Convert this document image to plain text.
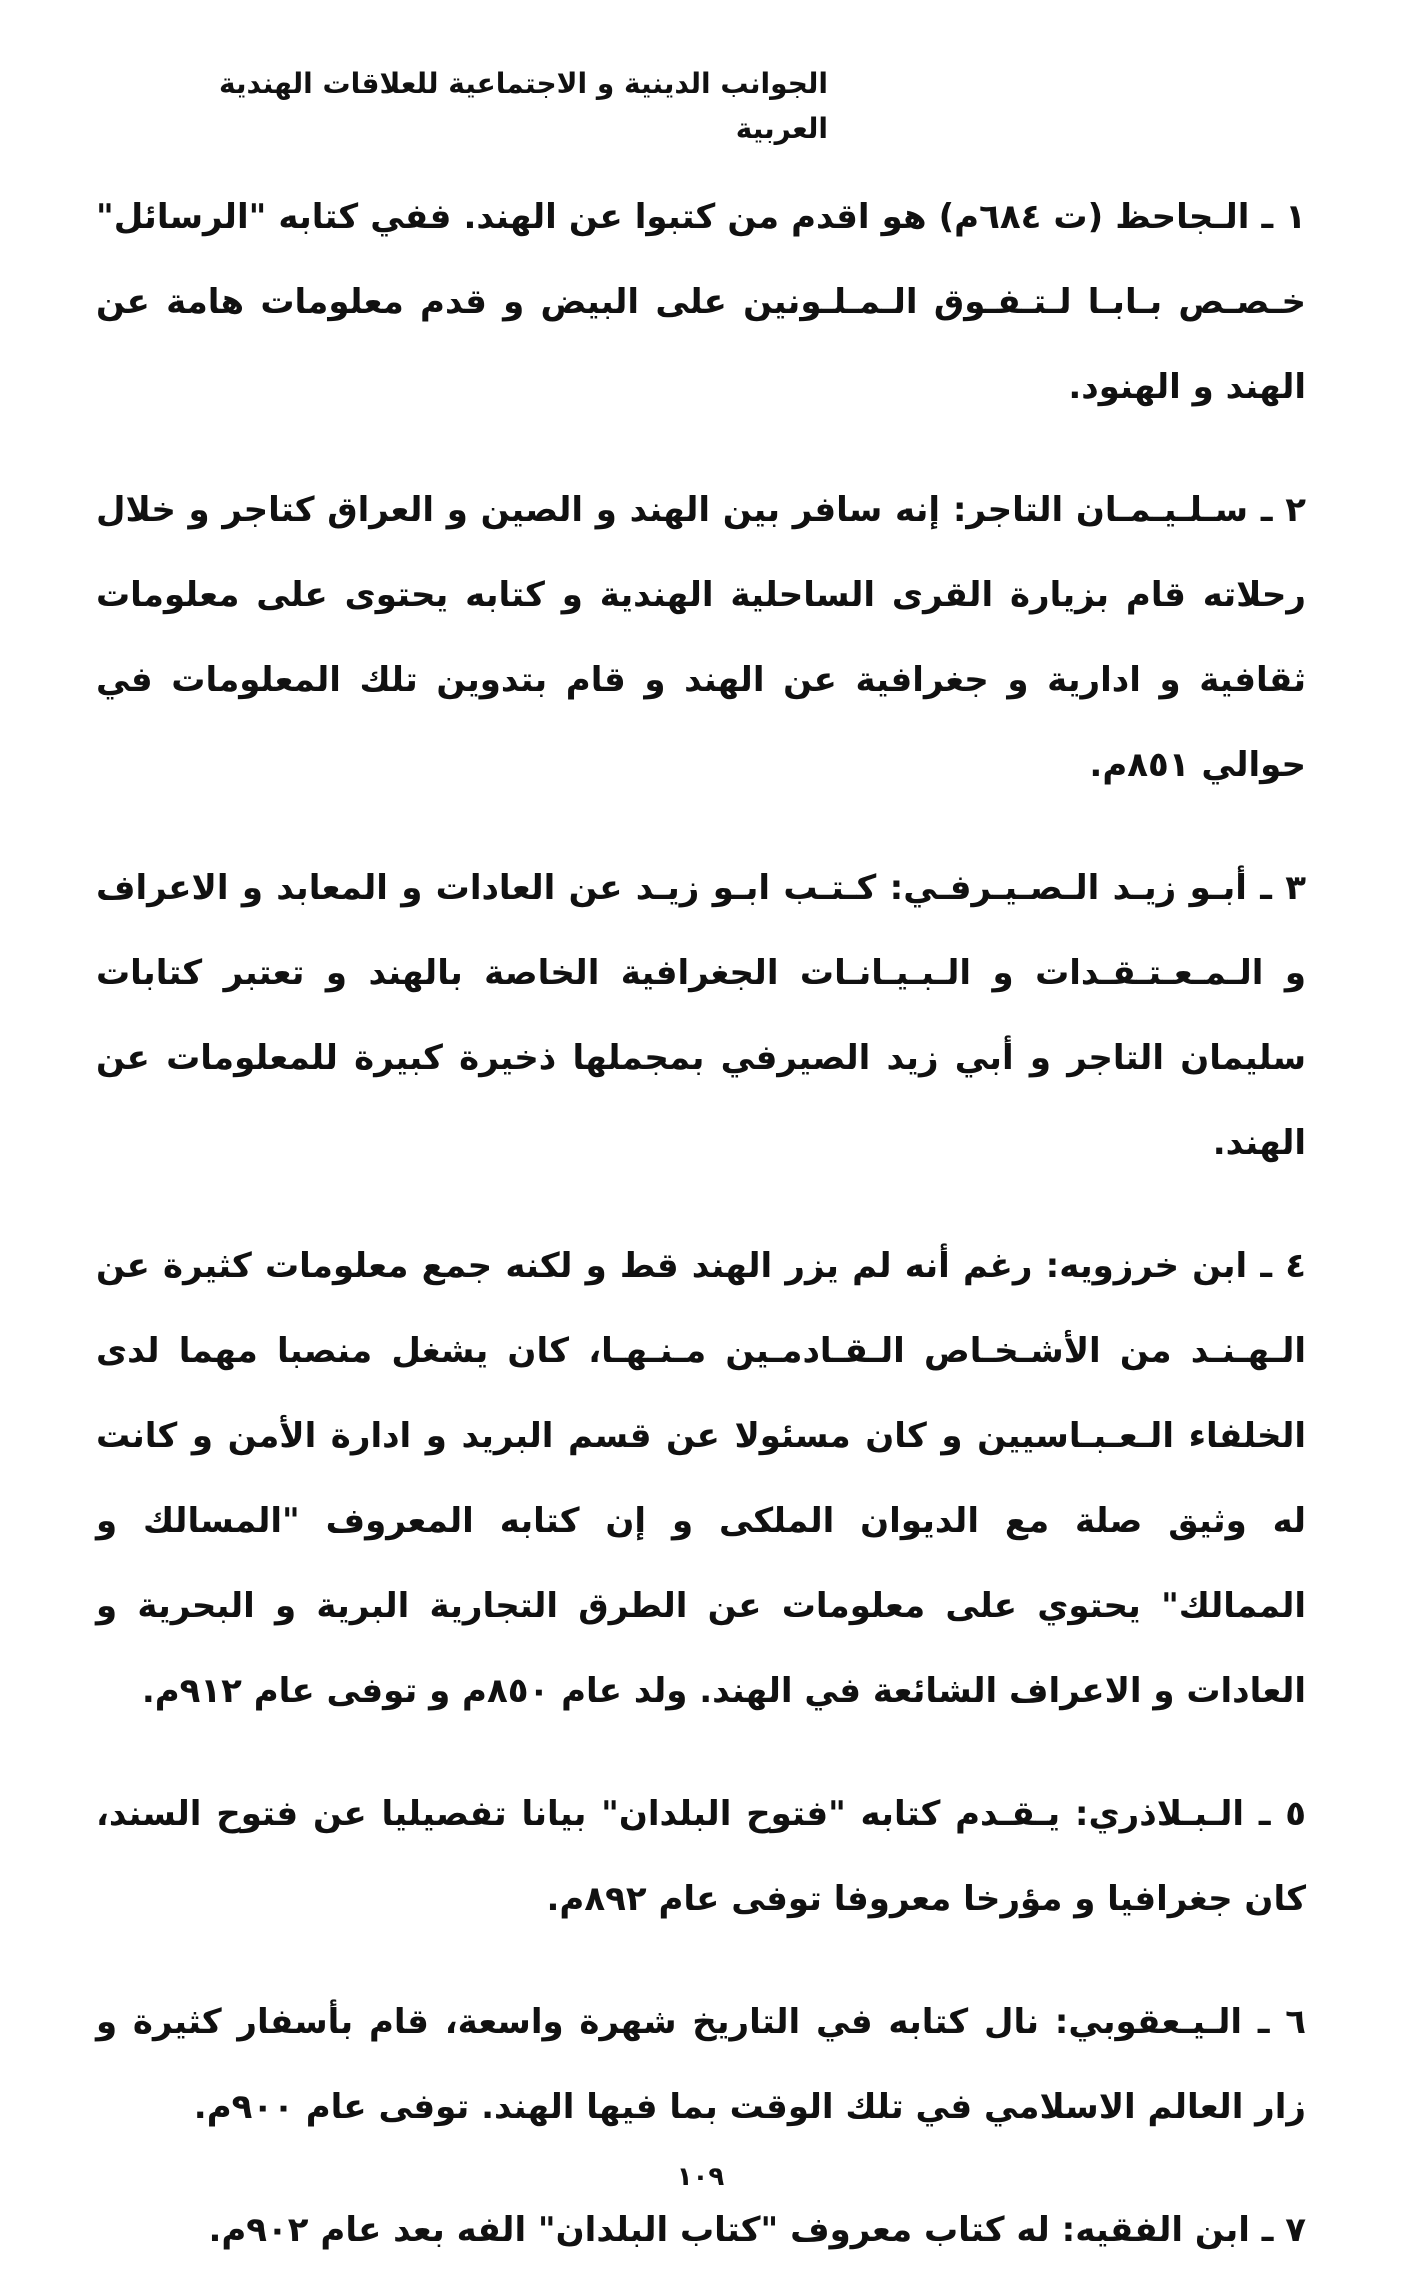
الجوانب الدينية و الاجتماعية للعلاقات الهندية العربية

١ ـ الـجاحظ (ت ٦٨٤م) هو اقدم من كتبوا عن الهند. ففي كتابه "الرسائل" خـصـص بـابـا لـتـفـوق الـمـلـونين على البيض و قدم معلومات هامة عن الهند و الهنود.

٢ ـ سـلـيـمـان التاجر: إنه سافر بين الهند و الصين و العراق كتاجر و خلال رحلاته قام بزيارة القرى الساحلية الهندية و كتابه يحتوى على معلومات ثقافية و ادارية و جغرافية عن الهند و قام بتدوين تلك المعلومات في حوالي ٨٥١م.

٣ ـ أبـو زيـد الـصـيـرفـي: كـتـب ابـو زيـد عن العادات و المعابد و الاعراف و الـمـعـتـقـدات و الـبـيـانـات الجغرافية الخاصة بالهند و تعتبر كتابات سليمان التاجر و أبي زيد الصيرفي بمجملها ذخيرة كبيرة للمعلومات عن الهند.

٤ ـ ابن خرزويه: رغم أنه لم يزر الهند قط و لكنه جمع معلومات كثيرة عن الـهـنـد من الأشـخـاص الـقـادمـين مـنـهـا، كان يشغل منصبا مهما لدى الخلفاء الـعـبـاسيين و كان مسئولا عن قسم البريد و ادارة الأمن و كانت له وثيق صلة مع الديوان الملكى و إن كتابه المعروف "المسالك و الممالك" يحتوي على معلومات عن الطرق التجارية البرية و البحرية و العادات و الاعراف الشائعة في الهند. ولد عام ٨٥٠م و توفى عام ٩١٢م.

٥ ـ الـبـلاذري: يـقـدم كتابه "فتوح البلدان" بيانا تفصيليا عن فتوح السند، كان جغرافيا و مؤرخا معروفا توفى عام ٨٩٢م.

٦ ـ الـيـعقوبي: نال كتابه في التاريخ شهرة واسعة، قام بأسفار كثيرة و زار العالم الاسلامي في تلك الوقت بما فيها الهند. توفى عام ٩٠٠م.

٧ ـ ابن الفقيه: له كتاب معروف "كتاب البلدان" الفه بعد عام ٩٠٢م.

١٠٩
